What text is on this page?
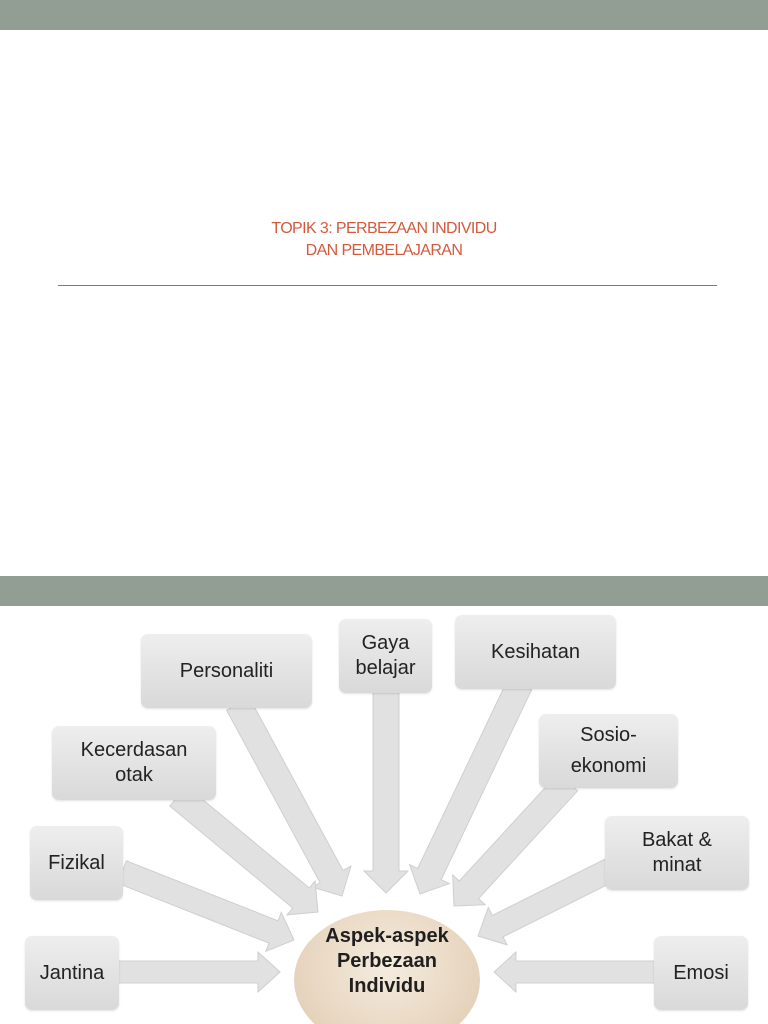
TOPIK 3: PERBEZAAN INDIVIDU
DAN PEMBELAJARAN
Personaliti
Gaya belajar
Kesihatan
Kecerdasan otak
Sosio-ekonomi
Fizikal
Bakat & minat
Jantina	Emosi
Aspek-aspek Perbezaan Individu
